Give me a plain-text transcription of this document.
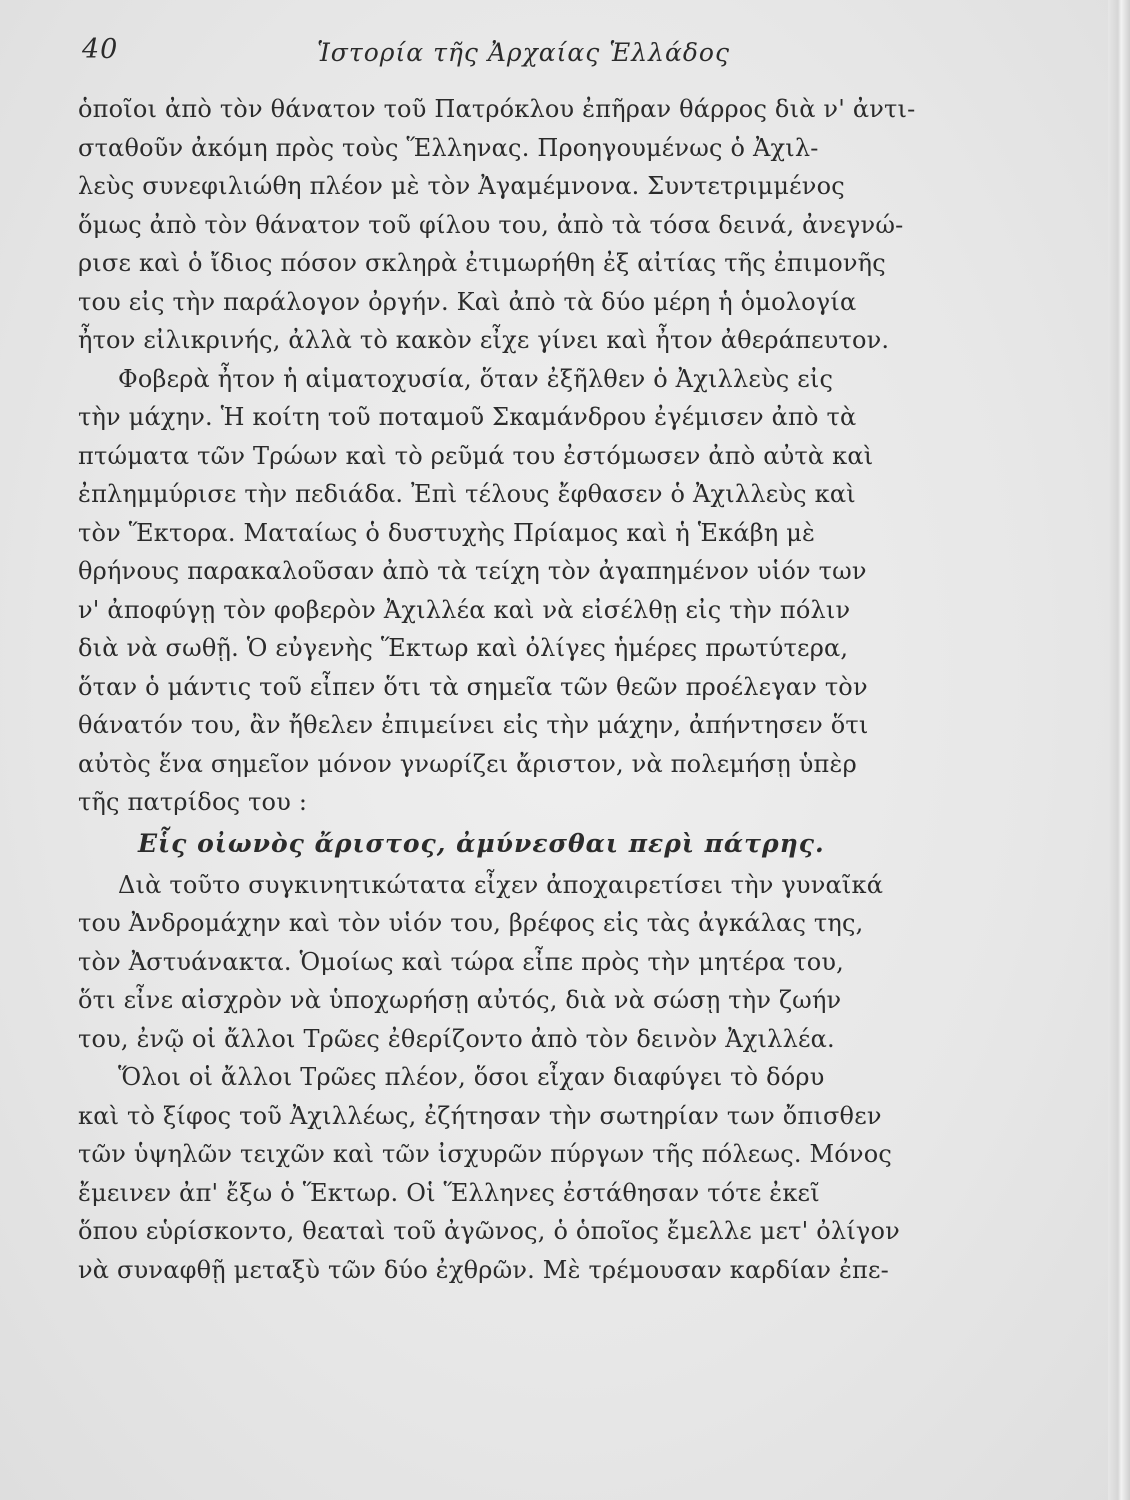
40	Ἱστορία τῆς Ἀρχαίας Ἑλλάδος
ὁποῖοι ἀπὸ τὸν θάνατον τοῦ Πατρόκλου ἐπῆραν θάρρος διὰ ν' ἀντι-
σταθοῦν ἀκόμη πρὸς τοὺς Ἕλληνας. Προηγουμένως ὁ Ἀχιλ-
λεὺς συνεφιλιώθη πλέον μὲ τὸν Ἀγαμέμνονα. Συντετριμμένος
ὅμως ἀπὸ τὸν θάνατον τοῦ φίλου του, ἀπὸ τὰ τόσα δεινά, ἀνεγνώ-
ρισε καὶ ὁ ἴδιος πόσον σκληρὰ ἐτιμωρήθη ἐξ αἰτίας τῆς ἐπιμονῆς
του εἰς τὴν παράλογον ὀργήν. Καὶ ἀπὸ τὰ δύο μέρη ἡ ὁμολογία
ἦτον εἰλικρινής, ἀλλὰ τὸ κακὸν εἶχε γίνει καὶ ἦτον ἀθεράπευτον.
Φοβερὰ ἦτον ἡ αἱματοχυσία, ὅταν ἐξῆλθεν ὁ Ἀχιλλεὺς εἰς
τὴν μάχην. Ἡ κοίτη τοῦ ποταμοῦ Σκαμάνδρου ἐγέμισεν ἀπὸ τὰ
πτώματα τῶν Τρώων καὶ τὸ ρεῦμά του ἐστόμωσεν ἀπὸ αὐτὰ καὶ
ἐπλημμύρισε τὴν πεδιάδα. Ἐπὶ τέλους ἔφθασεν ὁ Ἀχιλλεὺς καὶ
τὸν Ἕκτορα. Ματαίως ὁ δυστυχὴς Πρίαμος καὶ ἡ Ἑκάβη μὲ
θρήνους παρακαλοῦσαν ἀπὸ τὰ τείχη τὸν ἀγαπημένον υἱόν των
ν' ἀποφύγῃ τὸν φοβερὸν Ἀχιλλέα καὶ νὰ εἰσέλθῃ εἰς τὴν πόλιν
διὰ νὰ σωθῇ. Ὁ εὐγενὴς Ἕκτωρ καὶ ὀλίγες ἡμέρες πρωτύτερα,
ὅταν ὁ μάντις τοῦ εἶπεν ὅτι τὰ σημεῖα τῶν θεῶν προέλεγαν τὸν
θάνατόν του, ἂν ἤθελεν ἐπιμείνει εἰς τὴν μάχην, ἀπήντησεν ὅτι
αὐτὸς ἕνα σημεῖον μόνον γνωρίζει ἄριστον, νὰ πολεμήσῃ ὑπὲρ
τῆς πατρίδος του :
Εἷς οἰωνὸς ἄριστος, ἀμύνεσθαι περὶ πάτρης.
Διὰ τοῦτο συγκινητικώτατα εἶχεν ἀποχαιρετίσει τὴν γυναῖκά
του Ἀνδρομάχην καὶ τὸν υἱόν του, βρέφος εἰς τὰς ἀγκάλας της,
τὸν Ἀστυάνακτα. Ὁμοίως καὶ τώρα εἶπε πρὸς τὴν μητέρα του,
ὅτι εἶνε αἰσχρὸν νὰ ὑποχωρήσῃ αὐτός, διὰ νὰ σώσῃ τὴν ζωήν
του, ἐνῷ οἱ ἄλλοι Τρῶες ἐθερίζοντο ἀπὸ τὸν δεινὸν Ἀχιλλέα.
Ὅλοι οἱ ἄλλοι Τρῶες πλέον, ὅσοι εἶχαν διαφύγει τὸ δόρυ
καὶ τὸ ξίφος τοῦ Ἀχιλλέως, ἐζήτησαν τὴν σωτηρίαν των ὄπισθεν
τῶν ὑψηλῶν τειχῶν καὶ τῶν ἰσχυρῶν πύργων τῆς πόλεως. Μόνος
ἔμεινεν ἀπ' ἔξω ὁ Ἕκτωρ. Οἱ Ἕλληνες ἐστάθησαν τότε ἐκεῖ
ὅπου εὑρίσκοντο, θεαταὶ τοῦ ἀγῶνος, ὁ ὁποῖος ἔμελλε μετ' ὀλίγον
νὰ συναφθῇ μεταξὺ τῶν δύο ἐχθρῶν. Μὲ τρέμουσαν καρδίαν ἐπε-
